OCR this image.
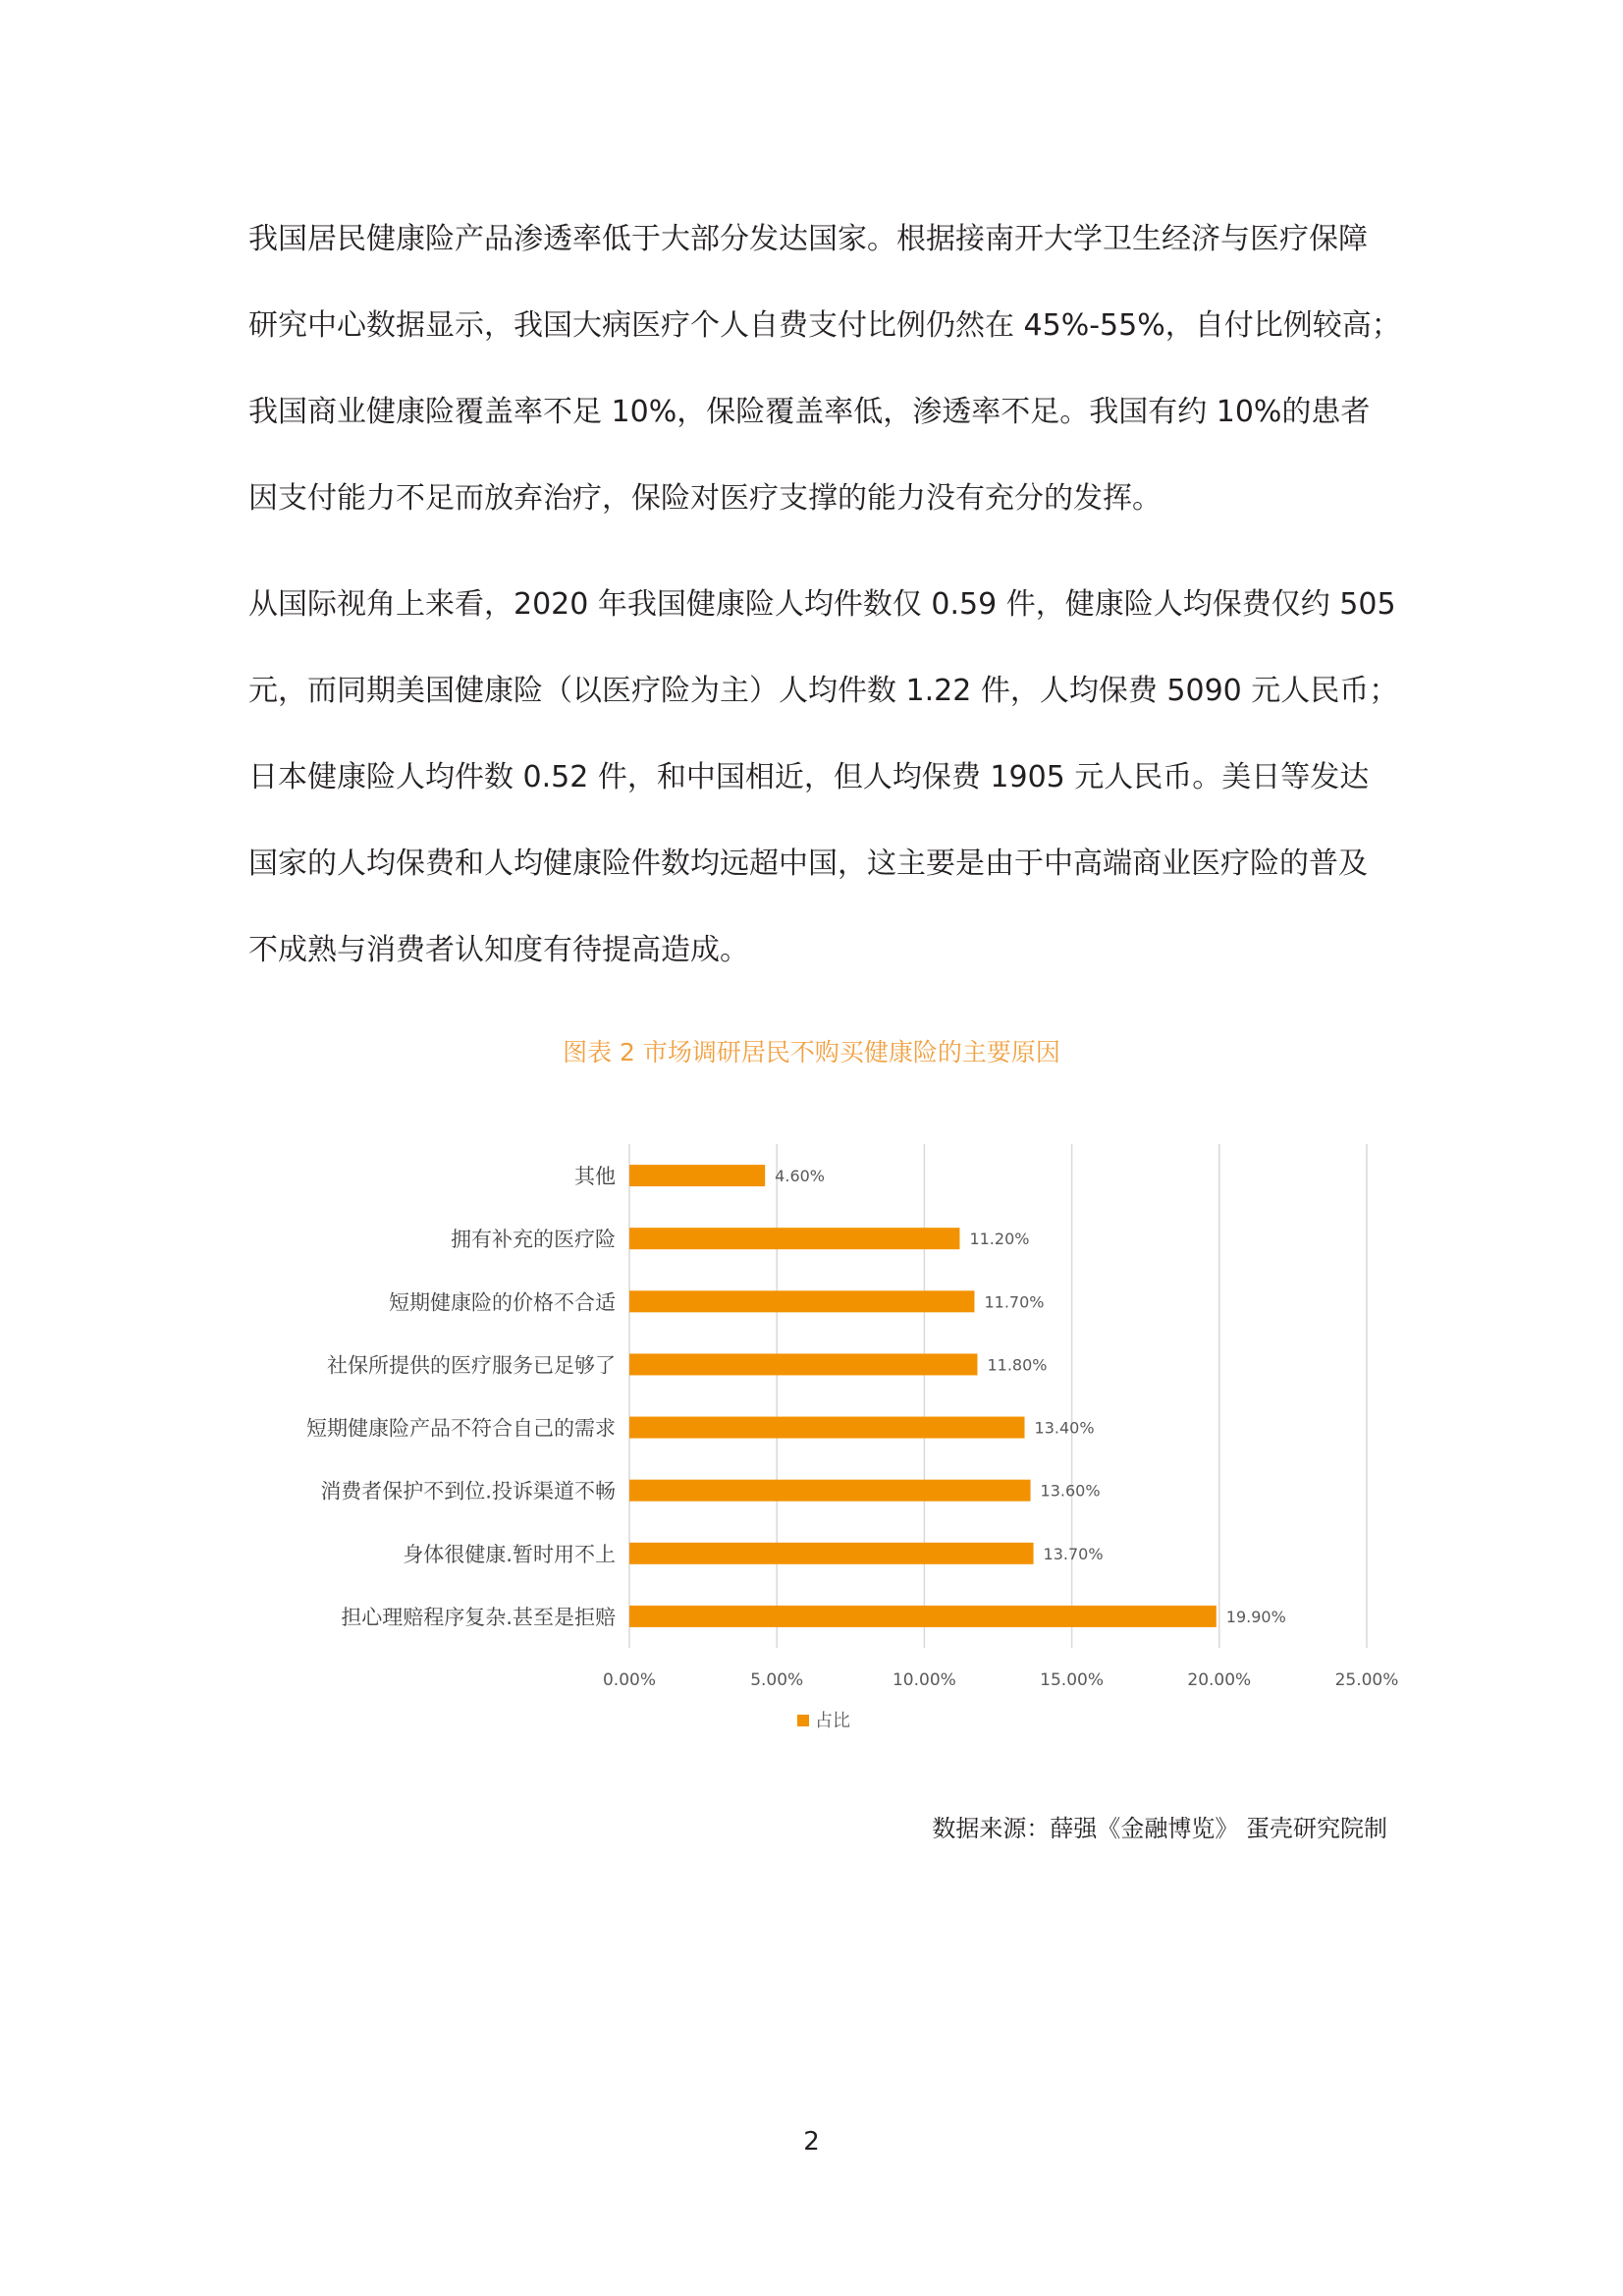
我国居民健康险产品渗透率低于大部分发达国家。根据接南开大学卫生经济与医疗保障
研究中心数据显示，我国大病医疗个人自费支付比例仍然在 45%-55%，自付比例较高；
我国商业健康险覆盖率不足 10%，保险覆盖率低，渗透率不足。我国有约 10%的患者
因支付能力不足而放弃治疗，保险对医疗支撑的能力没有充分的发挥。
从国际视角上来看，2020 年我国健康险人均件数仅 0.59 件，健康险人均保费仅约 505
元，而同期美国健康险（以医疗险为主）人均件数 1.22 件，人均保费 5090 元人民币；
日本健康险人均件数 0.52 件，和中国相近，但人均保费 1905 元人民币。美日等发达
国家的人均保费和人均健康险件数均远超中国，这主要是由于中高端商业医疗险的普及
不成熟与消费者认知度有待提高造成。
图表 2 市场调研居民不购买健康险的主要原因
0.00%	5.00%	10.00%	15.00%	20.00%	25.00%
其他	4.60%
拥有补充的医疗险	11.20%
短期健康险的价格不合适	11.70%
社保所提供的医疗服务已足够了	11.80%
短期健康险产品不符合自己的需求	13.40%
消费者保护不到位.投诉渠道不畅	13.60%
身体很健康.暂时用不上	13.70%
担心理赔程序复杂.甚至是拒赔	19.90%
占比
数据来源：薛强《金融博览》 蛋壳研究院制
2
